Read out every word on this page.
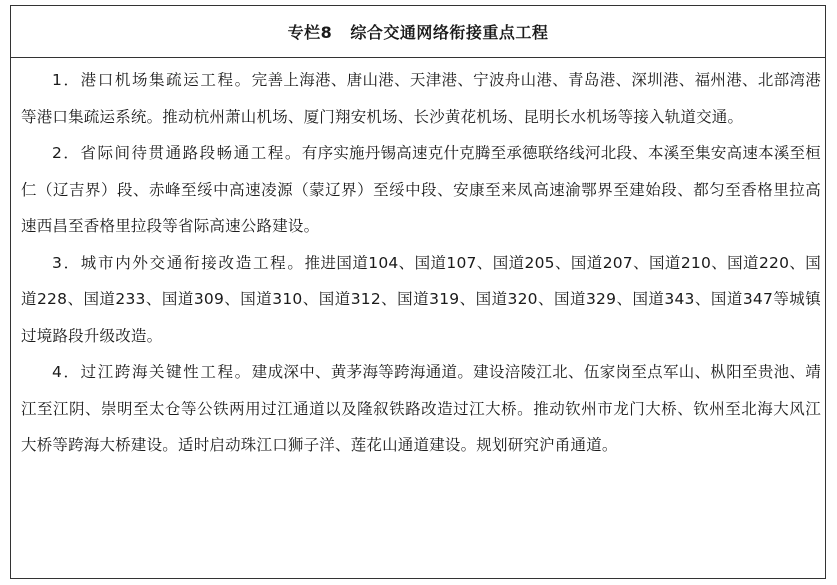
专栏8 综合交通网络衔接重点工程

1．港口机场集疏运工程。完善上海港、唐山港、天津港、宁波舟山港、青岛港、深圳港、福州港、北部湾港等港口集疏运系统。推动杭州萧山机场、厦门翔安机场、长沙黄花机场、昆明长水机场等接入轨道交通。

2．省际间待贯通路段畅通工程。有序实施丹锡高速克什克腾至承德联络线河北段、本溪至集安高速本溪至桓仁（辽吉界）段、赤峰至绥中高速凌源（蒙辽界）至绥中段、安康至来凤高速渝鄂界至建始段、都匀至香格里拉高速西昌至香格里拉段等省际高速公路建设。

3．城市内外交通衔接改造工程。推进国道104、国道107、国道205、国道207、国道210、国道220、国道228、国道233、国道309、国道310、国道312、国道319、国道320、国道329、国道343、国道347等城镇过境路段升级改造。

4．过江跨海关键性工程。建成深中、黄茅海等跨海通道。建设涪陵江北、伍家岗至点军山、枞阳至贵池、靖江至江阴、崇明至太仓等公铁两用过江通道以及隆叙铁路改造过江大桥。推动钦州市龙门大桥、钦州至北海大风江大桥等跨海大桥建设。适时启动珠江口狮子洋、莲花山通道建设。规划研究沪甬通道。
